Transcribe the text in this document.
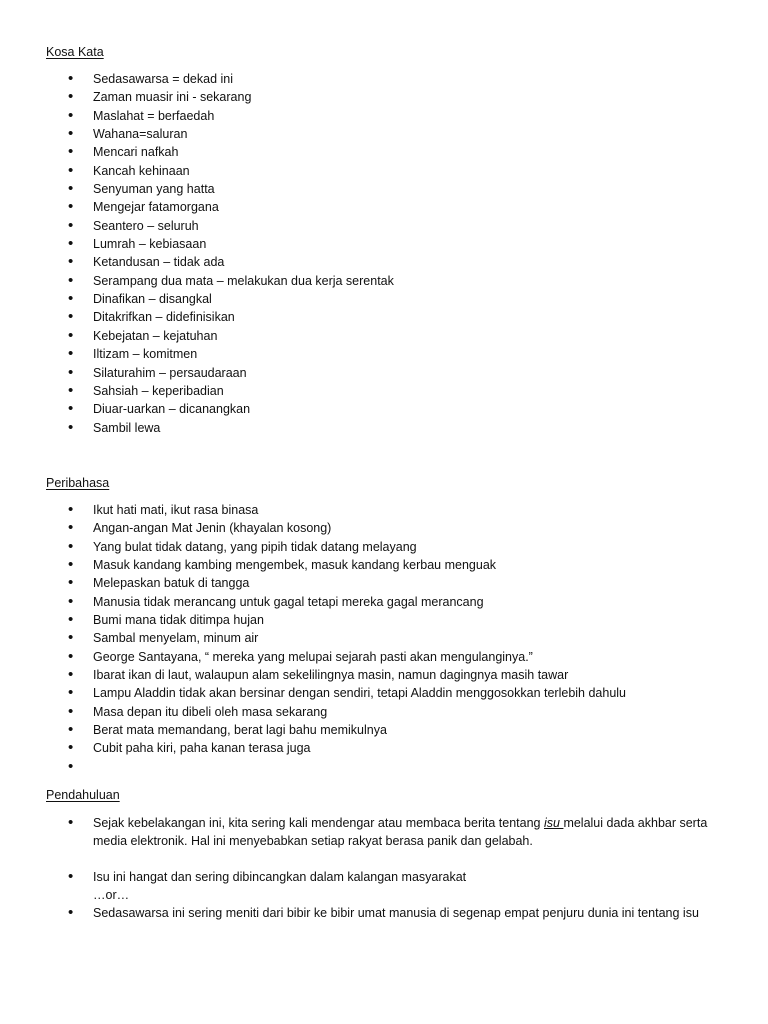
Kosa Kata
• Sedasawarsa = dekad ini
• Zaman muasir ini - sekarang
• Maslahat = berfaedah
• Wahana=saluran
• Mencari nafkah
• Kancah kehinaan
• Senyuman yang hatta
• Mengejar fatamorgana
• Seantero – seluruh
• Lumrah – kebiasaan
• Ketandusan – tidak ada
• Serampang dua mata – melakukan dua kerja serentak
• Dinafikan – disangkal
• Ditakrifkan – didefinisikan
• Kebejatan – kejatuhan
• Iltizam – komitmen
• Silaturahim – persaudaraan
• Sahsiah – keperibadian
• Diuar-uarkan – dicanangkan
• Sambil lewa
Peribahasa
• Ikut hati mati, ikut rasa binasa
• Angan-angan Mat Jenin (khayalan kosong)
• Yang bulat tidak datang, yang pipih tidak datang melayang
• Masuk kandang kambing mengembek, masuk kandang kerbau menguak
• Melepaskan batuk di tangga
• Manusia tidak merancang untuk gagal tetapi mereka gagal merancang
• Bumi mana tidak ditimpa hujan
• Sambal menyelam, minum air
• George Santayana, “ mereka yang melupai sejarah pasti akan mengulanginya.”
• Ibarat ikan di laut, walaupun alam sekelilingnya masin, namun dagingnya masih tawar
• Lampu Aladdin tidak akan bersinar dengan sendiri, tetapi Aladdin menggosokkan terlebih dahulu
• Masa depan itu dibeli oleh masa sekarang
• Berat mata memandang, berat lagi bahu memikulnya
• Cubit paha kiri, paha kanan terasa juga
Pendahuluan
• Sejak kebelakangan ini, kita sering kali mendengar atau membaca berita tentang isu melalui dada akhbar serta media elektronik. Hal ini menyebabkan setiap rakyat berasa panik dan gelabah.
• Isu ini hangat dan sering dibincangkan dalam kalangan masyarakat
…or…
• Sedasawarsa ini sering meniti dari bibir ke bibir umat manusia di segenap empat penjuru dunia ini tentang isu
